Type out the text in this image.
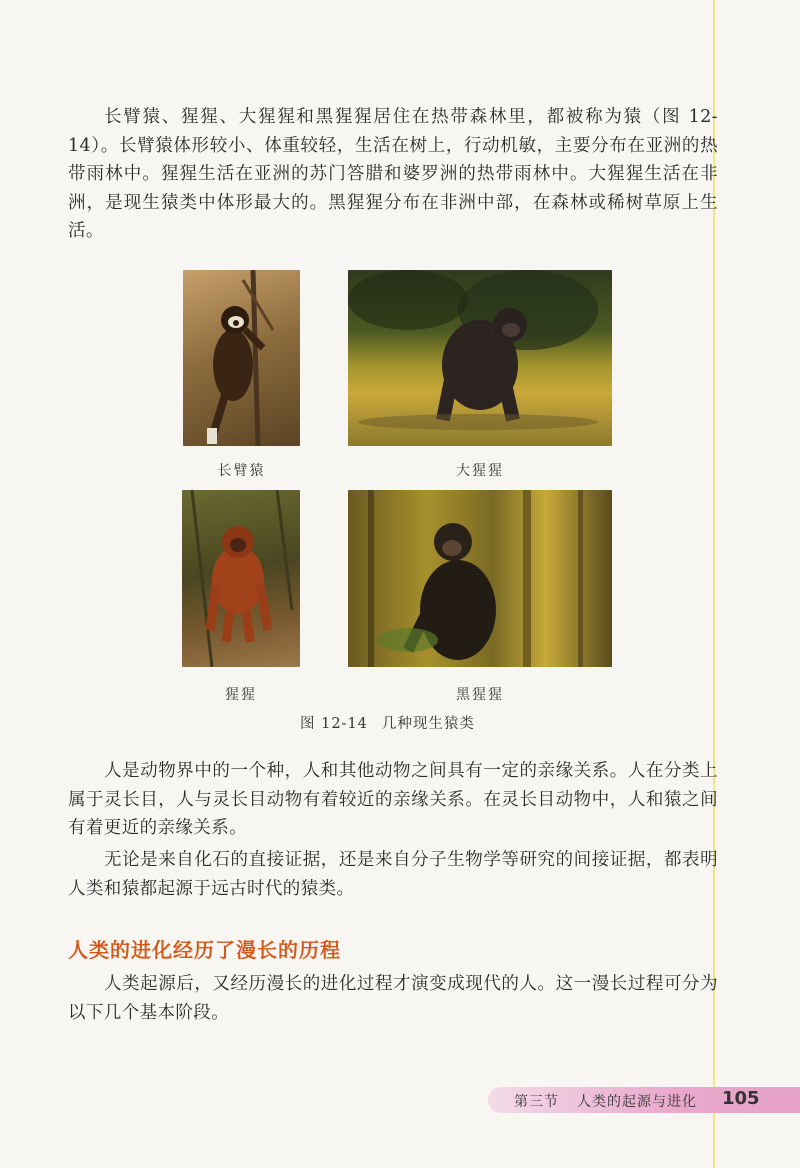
长臂猿、猩猩、大猩猩和黑猩猩居住在热带森林里，都被称为猿（图 12-14）。长臂猿体形较小、体重较轻，生活在树上，行动机敏，主要分布在亚洲的热带雨林中。猩猩生活在亚洲的苏门答腊和婆罗洲的热带雨林中。大猩猩生活在非洲，是现生猿类中体形最大的。黑猩猩分布在非洲中部，在森林或稀树草原上生活。

长臂猿	大猩猩
猩猩	黑猩猩
图 12-14 几种现生猿类

人是动物界中的一个种，人和其他动物之间具有一定的亲缘关系。人在分类上属于灵长目，人与灵长目动物有着较近的亲缘关系。在灵长目动物中，人和猿之间有着更近的亲缘关系。

无论是来自化石的直接证据，还是来自分子生物学等研究的间接证据，都表明人类和猿都起源于远古时代的猿类。

人类的进化经历了漫长的历程

人类起源后，又经历漫长的进化过程才演变成现代的人。这一漫长过程可分为以下几个基本阶段。

第三节 人类的起源与进化	105
